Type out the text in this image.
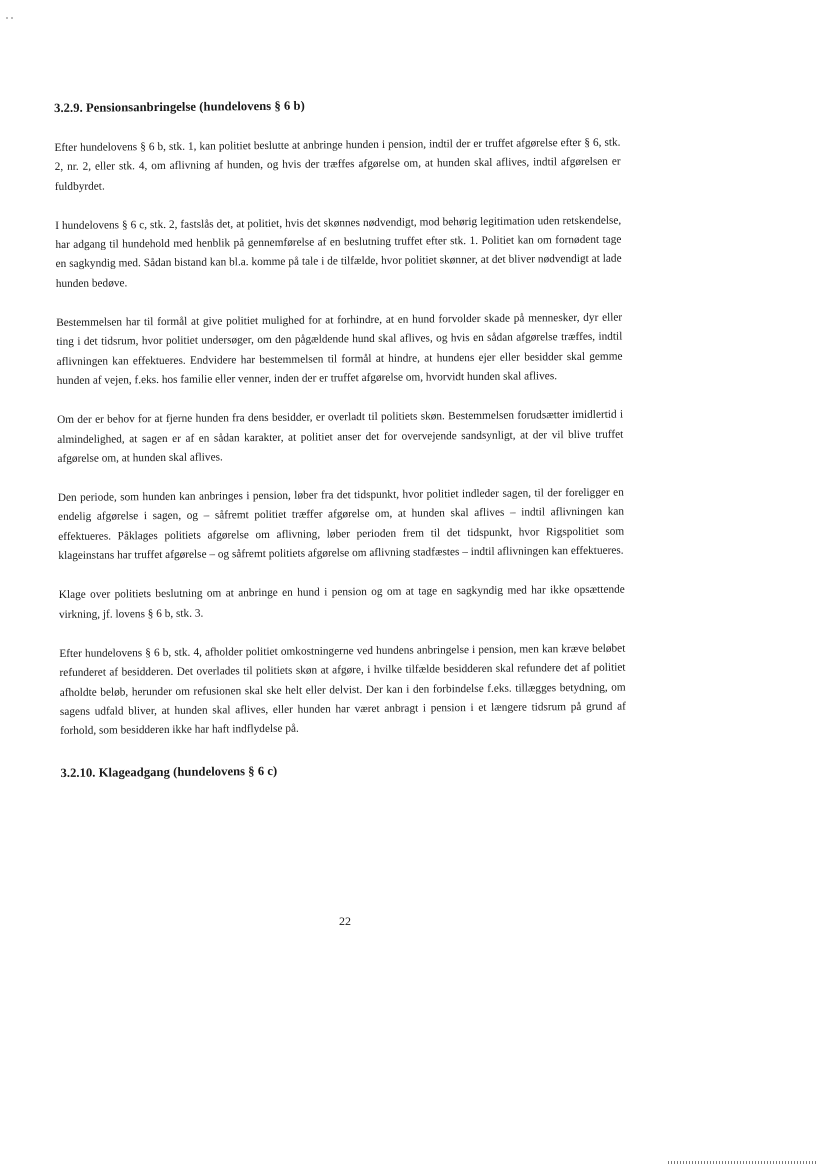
3.2.9. Pensionsanbringelse (hundelovens § 6 b)

Efter hundelovens § 6 b, stk. 1, kan politiet beslutte at anbringe hunden i pension, indtil der er truffet afgørelse efter § 6, stk. 2, nr. 2, eller stk. 4, om aflivning af hunden, og hvis der træffes afgørelse om, at hunden skal aflives, indtil afgørelsen er fuldbyrdet.

I hundelovens § 6 c, stk. 2, fastslås det, at politiet, hvis det skønnes nødvendigt, mod behørig legitimation uden retskendelse, har adgang til hundehold med henblik på gennemførelse af en beslutning truffet efter stk. 1. Politiet kan om fornødent tage en sagkyndig med. Sådan bistand kan bl.a. komme på tale i de tilfælde, hvor politiet skønner, at det bliver nødvendigt at lade hunden bedøve.

Bestemmelsen har til formål at give politiet mulighed for at forhindre, at en hund forvolder skade på mennesker, dyr eller ting i det tidsrum, hvor politiet undersøger, om den pågældende hund skal aflives, og hvis en sådan afgørelse træffes, indtil aflivningen kan effektueres. Endvidere har bestemmelsen til formål at hindre, at hundens ejer eller besidder skal gemme hunden af vejen, f.eks. hos familie eller venner, inden der er truffet afgørelse om, hvorvidt hunden skal aflives.

Om der er behov for at fjerne hunden fra dens besidder, er overladt til politiets skøn. Bestemmelsen forudsætter imidlertid i almindelighed, at sagen er af en sådan karakter, at politiet anser det for overvejende sandsynligt, at der vil blive truffet afgørelse om, at hunden skal aflives.

Den periode, som hunden kan anbringes i pension, løber fra det tidspunkt, hvor politiet indleder sagen, til der foreligger en endelig afgørelse i sagen, og – såfremt politiet træffer afgørelse om, at hunden skal aflives – indtil aflivningen kan effektueres. Påklages politiets afgørelse om aflivning, løber perioden frem til det tidspunkt, hvor Rigspolitiet som klageinstans har truffet afgørelse – og såfremt politiets afgørelse om aflivning stadfæstes – indtil aflivningen kan effektueres.

Klage over politiets beslutning om at anbringe en hund i pension og om at tage en sagkyndig med har ikke opsættende virkning, jf. lovens § 6 b, stk. 3.

Efter hundelovens § 6 b, stk. 4, afholder politiet omkostningerne ved hundens anbringelse i pension, men kan kræve beløbet refunderet af besidderen. Det overlades til politiets skøn at afgøre, i hvilke tilfælde besidderen skal refundere det af politiet afholdte beløb, herunder om refusionen skal ske helt eller delvist. Der kan i den forbindelse f.eks. tillægges betydning, om sagens udfald bliver, at hunden skal aflives, eller hunden har været anbragt i pension i et længere tidsrum på grund af forhold, som besidderen ikke har haft indflydelse på.

3.2.10. Klageadgang (hundelovens § 6 c)
22
